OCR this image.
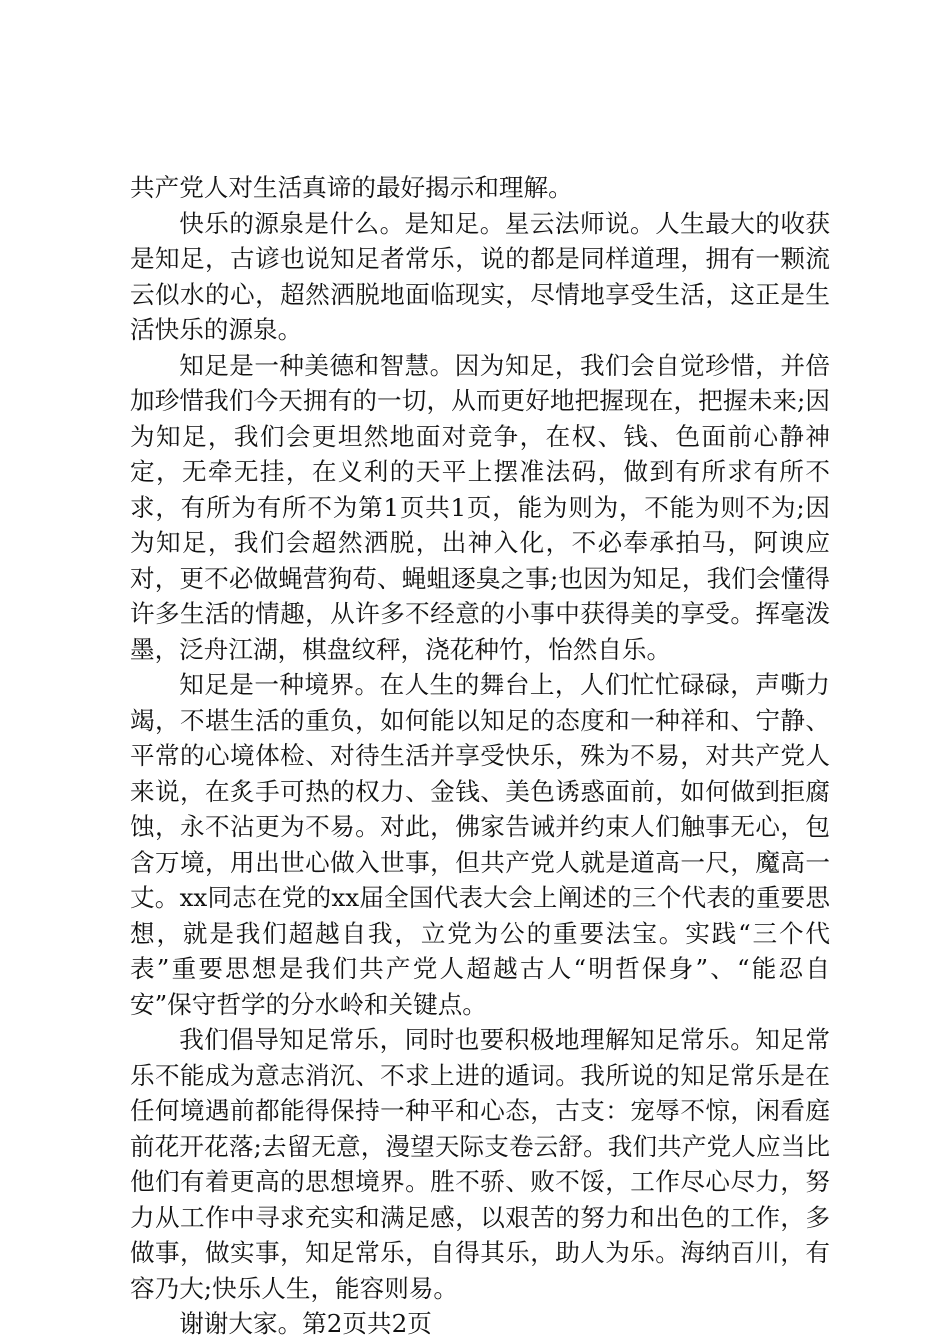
共产党人对生活真谛的最好揭示和理解。

快乐的源泉是什么。是知足。星云法师说。人生最大的收获是知足，古谚也说知足者常乐，说的都是同样道理，拥有一颗流云似水的心，超然洒脱地面临现实，尽情地享受生活，这正是生活快乐的源泉。

知足是一种美德和智慧。因为知足，我们会自觉珍惜，并倍加珍惜我们今天拥有的一切，从而更好地把握现在，把握未来;因为知足，我们会更坦然地面对竞争，在权、钱、色面前心静神定，无牵无挂，在义利的天平上摆准法码，做到有所求有所不求，有所为有所不为第1页共1页，能为则为，不能为则不为;因为知足，我们会超然洒脱，出神入化，不必奉承拍马，阿谀应对，更不必做蝇营狗苟、蝇蛆逐臭之事;也因为知足，我们会懂得许多生活的情趣，从许多不经意的小事中获得美的享受。挥毫泼墨，泛舟江湖，棋盘纹秤，浇花种竹，怡然自乐。

知足是一种境界。在人生的舞台上，人们忙忙碌碌，声嘶力竭，不堪生活的重负，如何能以知足的态度和一种祥和、宁静、平常的心境体检、对待生活并享受快乐，殊为不易，对共产党人来说，在炙手可热的权力、金钱、美色诱惑面前，如何做到拒腐蚀，永不沾更为不易。对此，佛家告诫并约束人们触事无心，包含万境，用出世心做入世事，但共产党人就是道高一尺，魔高一丈。xx同志在党的xx届全国代表大会上阐述的三个代表的重要思想，就是我们超越自我，立党为公的重要法宝。实践“三个代表”重要思想是我们共产党人超越古人“明哲保身”、“能忍自安”保守哲学的分水岭和关键点。

我们倡导知足常乐，同时也要积极地理解知足常乐。知足常乐不能成为意志消沉、不求上进的遁词。我所说的知足常乐是在任何境遇前都能得保持一种平和心态，古支：宠辱不惊，闲看庭前花开花落;去留无意，漫望天际支卷云舒。我们共产党人应当比他们有着更高的思想境界。胜不骄、败不馁，工作尽心尽力，努力从工作中寻求充实和满足感，以艰苦的努力和出色的工作，多做事，做实事，知足常乐，自得其乐，助人为乐。海纳百川，有容乃大;快乐人生，能容则易。

谢谢大家。第2页共2页
